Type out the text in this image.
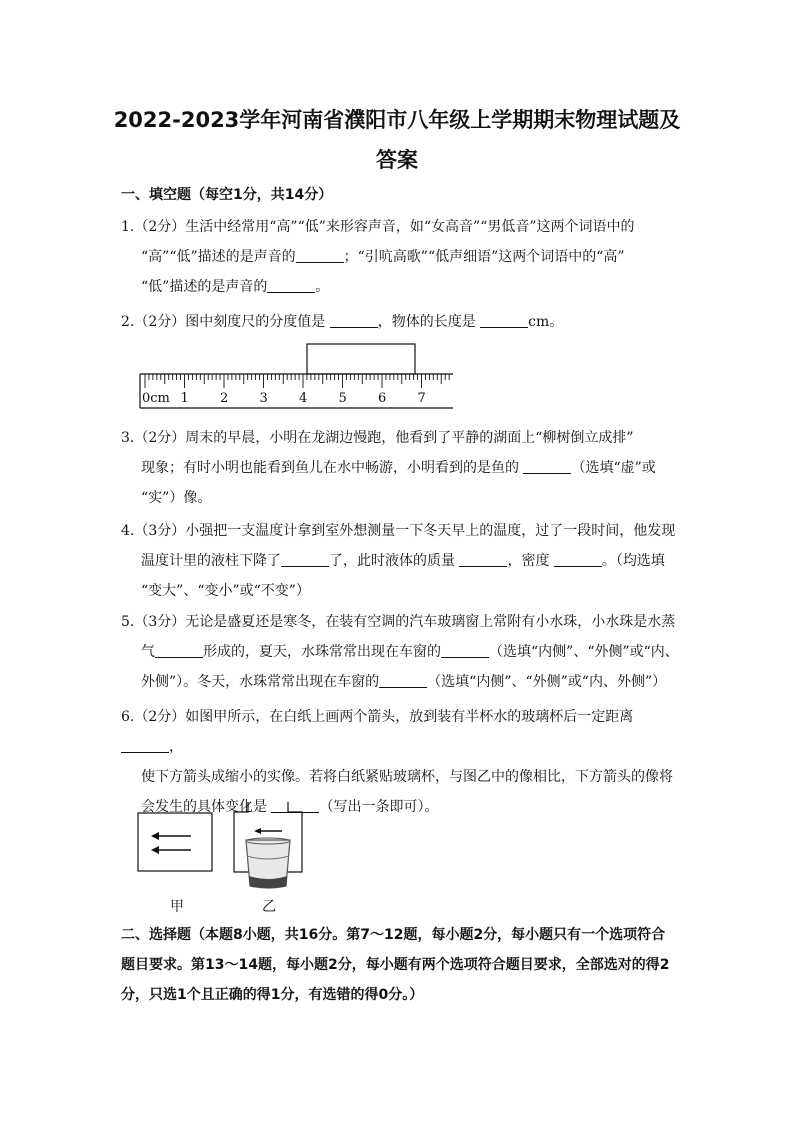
2022-2023学年河南省濮阳市八年级上学期期末物理试题及
答案
一、填空题（每空1分，共14分）
1.（2分）生活中经常用“高”“低”来形容声音，如“女高音”“男低音”这两个词语中的
“高”“低”描述的是声音的	；“引吭高歌”“低声细语”这两个词语中的“高”
“低”描述的是声音的	。
2.（2分）图中刻度尺的分度值是	，物体的长度是	cm。
0cm 1 2 3 4 5 6 7
3.（2分）周末的早晨，小明在龙湖边慢跑，他看到了平静的湖面上“柳树倒立成排”
现象；有时小明也能看到鱼儿在水中畅游，小明看到的是鱼的	（选填“虚”或
“实”）像。
4.（3分）小强把一支温度计拿到室外想测量一下冬天早上的温度，过了一段时间，他发现
温度计里的液柱下降了	了，此时液体的质量	，密度	。（均选填
“变大”、“变小”或“不变”）
5.（3分）无论是盛夏还是寒冬，在装有空调的汽车玻璃窗上常附有小水珠，小水珠是水蒸
气	形成的，夏天，水珠常常出现在车窗的	（选填“内侧”、“外侧”或“内、
外侧”）。冬天，水珠常常出现在车窗的	（选填“内侧”、“外侧”或“内、外侧”）
6.（2分）如图甲所示，在白纸上画两个箭头，放到装有半杯水的玻璃杯后一定距离，
使下方箭头成缩小的实像。若将白纸紧贴玻璃杯，与图乙中的像相比，下方箭头的像将
会发生的具体变化是	（写出一条即可）。
甲	乙
二、选择题（本题8小题，共16分。第7～12题，每小题2分，每小题只有一个选项符合
题目要求。第13～14题，每小题2分，每小题有两个选项符合题目要求，全部选对的得2
分，只选1个且正确的得1分，有选错的得0分。）
